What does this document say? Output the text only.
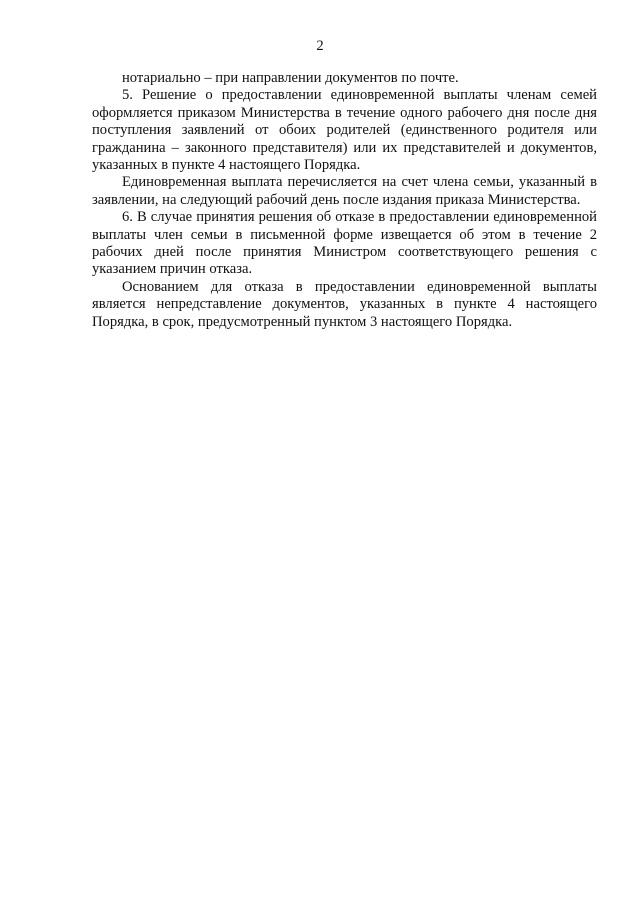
2

нотариально – при направлении документов по почте.

5. Решение о предоставлении единовременной выплаты членам семей оформляется приказом Министерства в течение одного рабочего дня после дня поступления заявлений от обоих родителей (единственного родителя или гражданина – законного представителя) или их представителей и документов, указанных в пункте 4 настоящего Порядка.

Единовременная выплата перечисляется на счет члена семьи, указанный в заявлении, на следующий рабочий день после издания приказа Министерства.

6. В случае принятия решения об отказе в предоставлении единовременной выплаты член семьи в письменной форме извещается об этом в течение 2 рабочих дней после принятия Министром соответствующего решения с указанием причин отказа.

Основанием для отказа в предоставлении единовременной выплаты является непредставление документов, указанных в пункте 4 настоящего Порядка, в срок, предусмотренный пунктом 3 настоящего Порядка.
